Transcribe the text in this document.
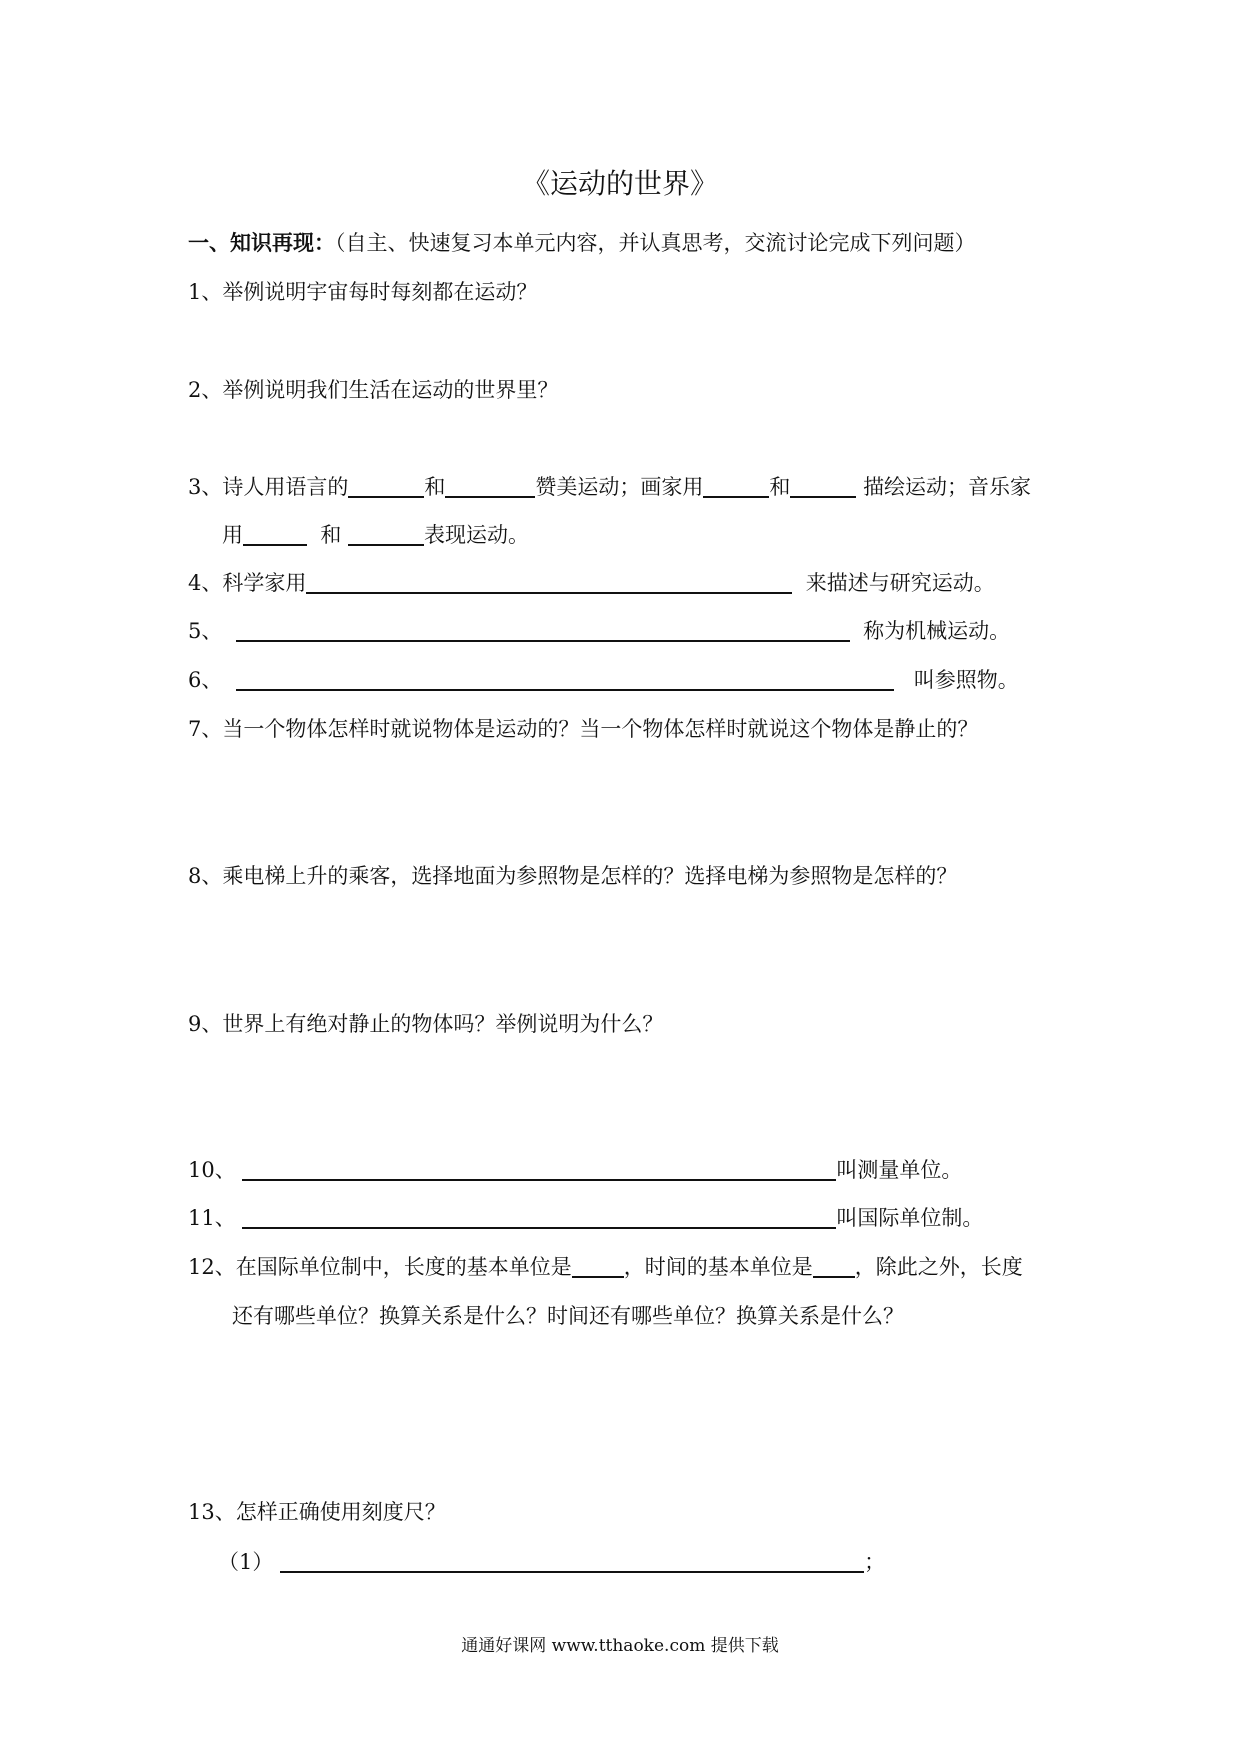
《运动的世界》
一、知识再现：（自主、快速复习本单元内容，并认真思考，交流讨论完成下列问题）
1、举例说明宇宙每时每刻都在运动？
2、举例说明我们生活在运动的世界里？
3、诗人用语言的	和	赞美运动；画家用	和	描绘运动；音乐家
用	和	表现运动。
4、科学家用	来描述与研究运动。
5、	称为机械运动。
6、	叫参照物。
7、当一个物体怎样时就说物体是运动的？当一个物体怎样时就说这个物体是静止的？
8、乘电梯上升的乘客，选择地面为参照物是怎样的？选择电梯为参照物是怎样的？
9、世界上有绝对静止的物体吗？举例说明为什么？
10、	叫测量单位。
11、	叫国际单位制。
12、在国际单位制中，长度的基本单位是 ，时间的基本单位是 ，除此之外，长度
还有哪些单位？换算关系是什么？时间还有哪些单位？换算关系是什么？
13、怎样正确使用刻度尺？
（1）	；
通通好课网 www.tthaoke.com 提供下载
